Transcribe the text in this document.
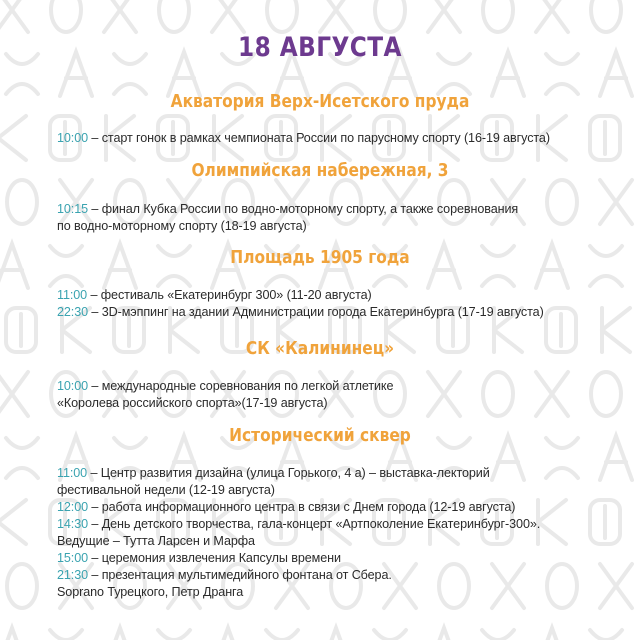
18 АВГУСТА
Акватория Верх-Исетского пруда
10:00 – старт гонок в рамках чемпионата России по парусному спорту (16-19 августа)
Олимпийская набережная, 3
10:15 – финал Кубка России по водно-моторному спорту, а также соревнования
по водно-моторному спорту (18-19 августа)
Площадь 1905 года
11:00 – фестиваль «Екатеринбург 300» (11-20 августа)
22:30 – 3D-мэппинг на здании Администрации города Екатеринбурга (17-19 августа)
СК «Калининец»
10:00 – международные соревнования по легкой атлетике
«Королева российского спорта»(17-19 августа)
Исторический сквер
11:00 – Центр развития дизайна (улица Горького, 4 а) – выставка-лекторий
фестивальной недели (12-19 августа)
12:00 – работа информационного центра в связи с Днем города (12-19 августа)
14:30 – День детского творчества, гала-концерт «Артпоколение Екатеринбург-300».
Ведущие – Тутта Ларсен и Марфа
15:00 – церемония извлечения Капсулы времени
21:30 – презентация мультимедийного фонтана от Сбера.
Soprano Турецкого, Петр Дранга
